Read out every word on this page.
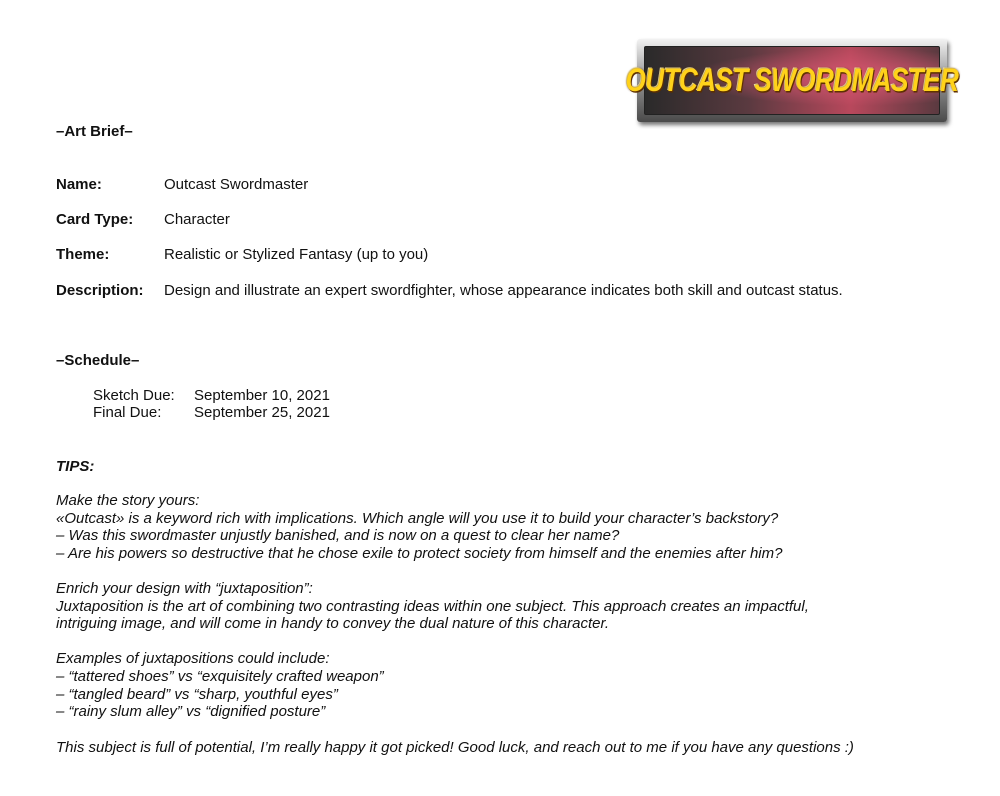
OUTCAST SWORDMASTER
–Art Brief–
Name:	Outcast Swordmaster
Card Type: Character
Theme:	Realistic or Stylized Fantasy (up to you)
Description: Design and illustrate an expert swordfighter, whose appearance indicates both skill and outcast status.
–Schedule–
Sketch Due: September 10, 2021
Final Due: September 25, 2021
TIPS:
Make the story yours:
«Outcast» is a keyword rich with implications. Which angle will you use it to build your character’s backstory?
– Was this swordmaster unjustly banished, and is now on a quest to clear her name?
– Are his powers so destructive that he chose exile to protect society from himself and the enemies after him?
Enrich your design with “juxtaposition”:
Juxtaposition is the art of combining two contrasting ideas within one subject. This approach creates an impactful,
intriguing image, and will come in handy to convey the dual nature of this character.
Examples of juxtapositions could include:
– “tattered shoes” vs “exquisitely crafted weapon”
– “tangled beard” vs “sharp, youthful eyes”
– “rainy slum alley” vs “dignified posture”
This subject is full of potential, I’m really happy it got picked! Good luck, and reach out to me if you have any questions :)
